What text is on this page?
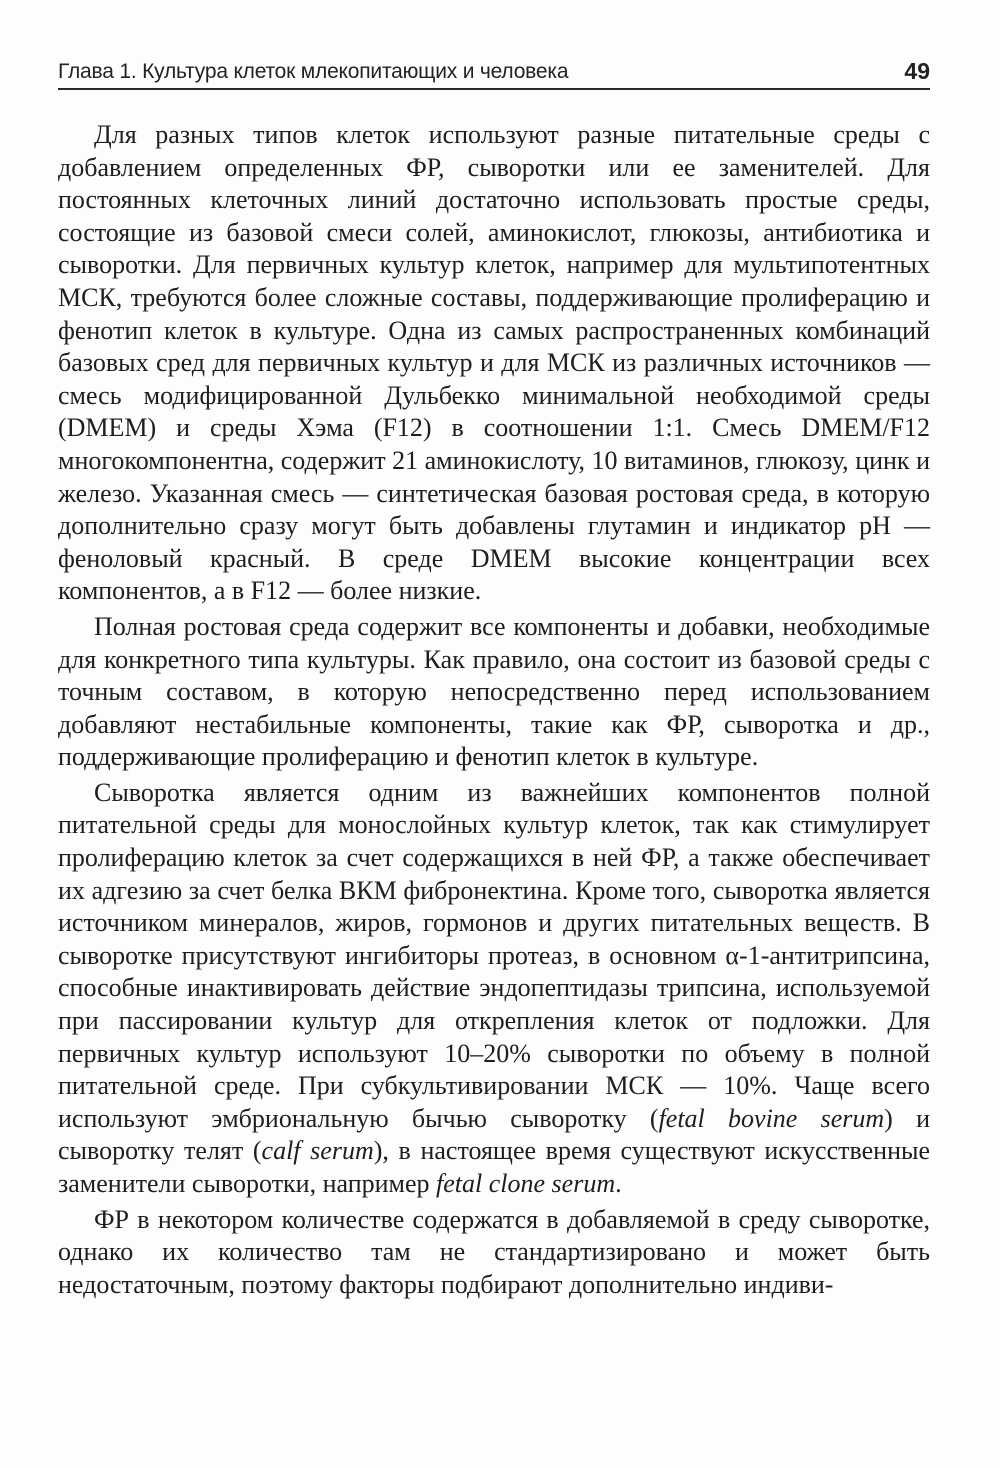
Глава 1. Культура клеток млекопитающих и человека	49

Для разных типов клеток используют разные питательные среды с добавлением определенных ФР, сыворотки или ее заменителей. Для постоянных клеточных линий достаточно использовать простые среды, состоящие из базовой смеси солей, аминокислот, глюкозы, антибиотика и сыворотки. Для первичных культур клеток, например для мультипотентных МСК, требуются более сложные составы, поддерживающие пролиферацию и фенотип клеток в культуре. Одна из самых распространенных комбинаций базовых сред для первичных культур и для МСК из различных источников — смесь модифицированной Дульбекко минимальной необходимой среды (DMEM) и среды Хэма (F12) в соотношении 1:1. Смесь DMEM/F12 многокомпонентна, содержит 21 аминокислоту, 10 витаминов, глюкозу, цинк и железо. Указанная смесь — синтетическая базовая ростовая среда, в которую дополнительно сразу могут быть добавлены глутамин и индикатор pH — феноловый красный. В среде DMEM высокие концентрации всех компонентов, а в F12 — более низкие.

Полная ростовая среда содержит все компоненты и добавки, необходимые для конкретного типа культуры. Как правило, она состоит из базовой среды с точным составом, в которую непосредственно перед использованием добавляют нестабильные компоненты, такие как ФР, сыворотка и др., поддерживающие пролиферацию и фенотип клеток в культуре.

Сыворотка является одним из важнейших компонентов полной питательной среды для монослойных культур клеток, так как стимулирует пролиферацию клеток за счет содержащихся в ней ФР, а также обеспечивает их адгезию за счет белка ВКМ фибронектина. Кроме того, сыворотка является источником минералов, жиров, гормонов и других питательных веществ. В сыворотке присутствуют ингибиторы протеаз, в основном α-1-антитрипсина, способные инактивировать действие эндопептидазы трипсина, используемой при пассировании культур для открепления клеток от подложки. Для первичных культур используют 10–20% сыворотки по объему в полной питательной среде. При субкультивировании МСК — 10%. Чаще всего используют эмбриональную бычью сыворотку (fetal bovine serum) и сыворотку телят (calf serum), в настоящее время существуют искусственные заменители сыворотки, например fetal clone serum.

ФР в некотором количестве содержатся в добавляемой в среду сыворотке, однако их количество там не стандартизировано и может быть недостаточным, поэтому факторы подбирают дополнительно индиви-
